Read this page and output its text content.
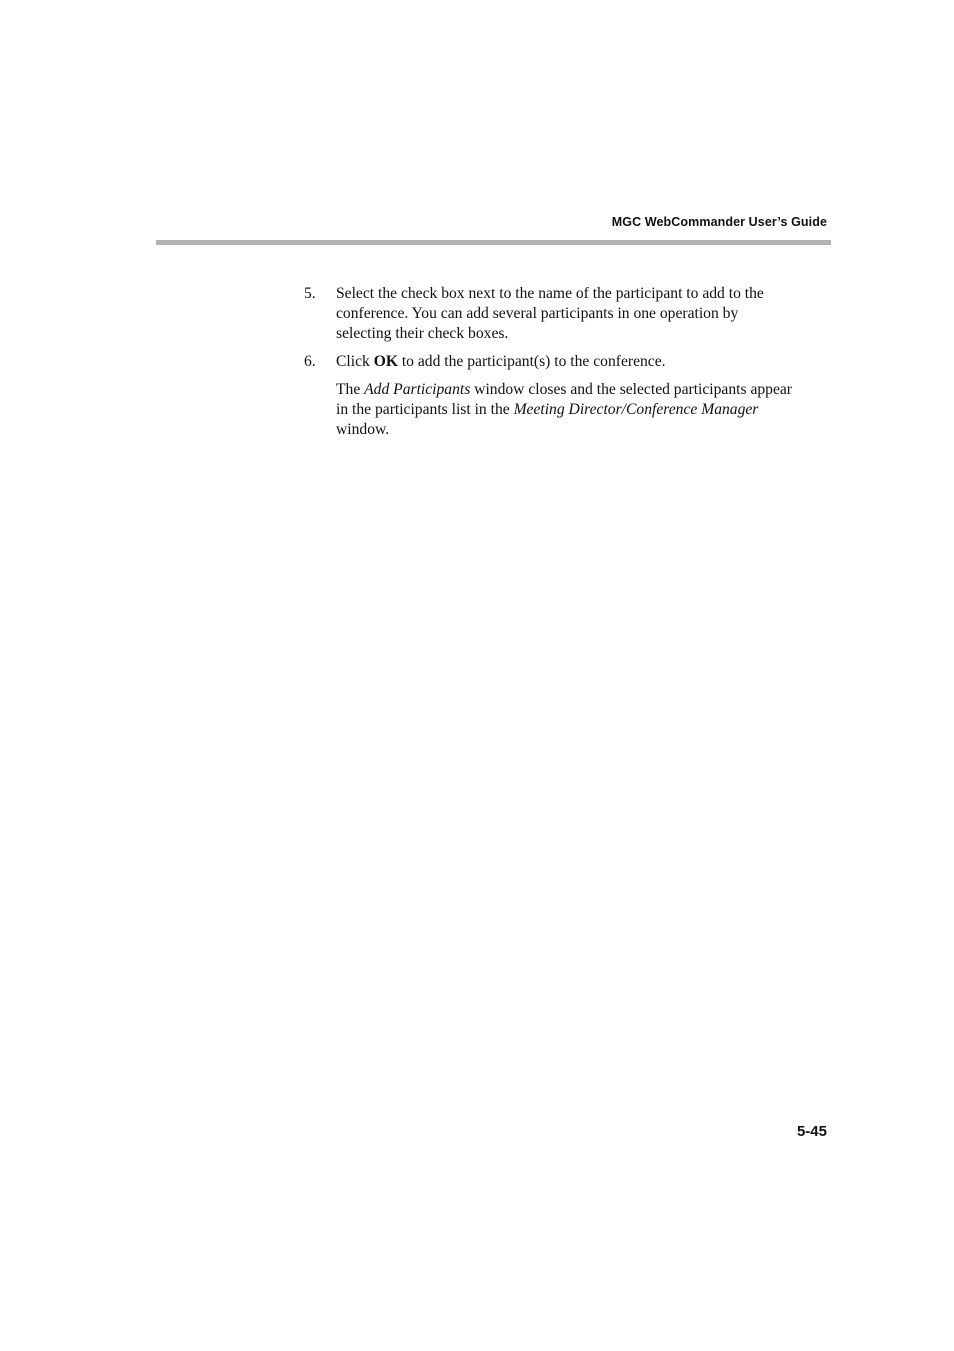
MGC WebCommander User’s Guide
5. Select the check box next to the name of the participant to add to the
conference. You can add several participants in one operation by
selecting their check boxes.
6. Click OK to add the participant(s) to the conference.
The Add Participants window closes and the selected participants appear
in the participants list in the Meeting Director/Conference Manager
window.
5-45
